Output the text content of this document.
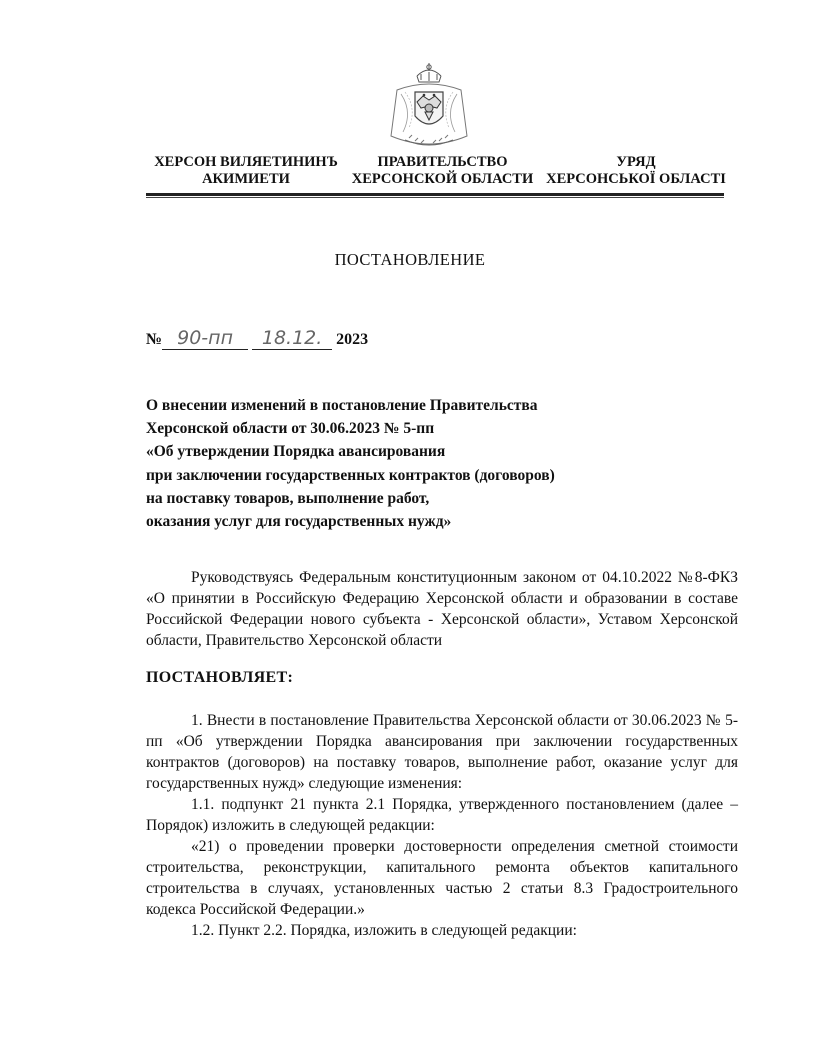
ХЕРСОН ВИЛЯЕТИНИНЪ
АКИМИЕТИ
ПРАВИТЕЛЬСТВО
ХЕРСОНСКОЙ ОБЛАСТИ
УРЯД
ХЕРСОНСЬКОЇ ОБЛАСТІ
ПОСТАНОВЛЕНИЕ
№ 90-пп 18.12. 2023
О внесении изменений в постановление Правительства
Херсонской области от 30.06.2023 № 5-пп
«Об утверждении Порядка авансирования
при заключении государственных контрактов (договоров)
на поставку товаров, выполнение работ,
оказания услуг для государственных нужд»
Руководствуясь Федеральным конституционным законом от 04.10.2022 №8-ФКЗ «О принятии в Российскую Федерацию Херсонской области и образовании в составе Российской Федерации нового субъекта - Херсонской области», Уставом Херсонской области, Правительство Херсонской области
ПОСТАНОВЛЯЕТ:
1. Внести в постановление Правительства Херсонской области от 30.06.2023 № 5-пп «Об утверждении Порядка авансирования при заключении государственных контрактов (договоров) на поставку товаров, выполнение работ, оказание услуг для государственных нужд» следующие изменения:
1.1. подпункт 21 пункта 2.1 Порядка, утвержденного постановлением (далее – Порядок) изложить в следующей редакции:
«21) о проведении проверки достоверности определения сметной стоимости строительства, реконструкции, капитального ремонта объектов капитального строительства в случаях, установленных частью 2 статьи 8.3 Градостроительного кодекса Российской Федерации.»
1.2. Пункт 2.2. Порядка, изложить в следующей редакции:
